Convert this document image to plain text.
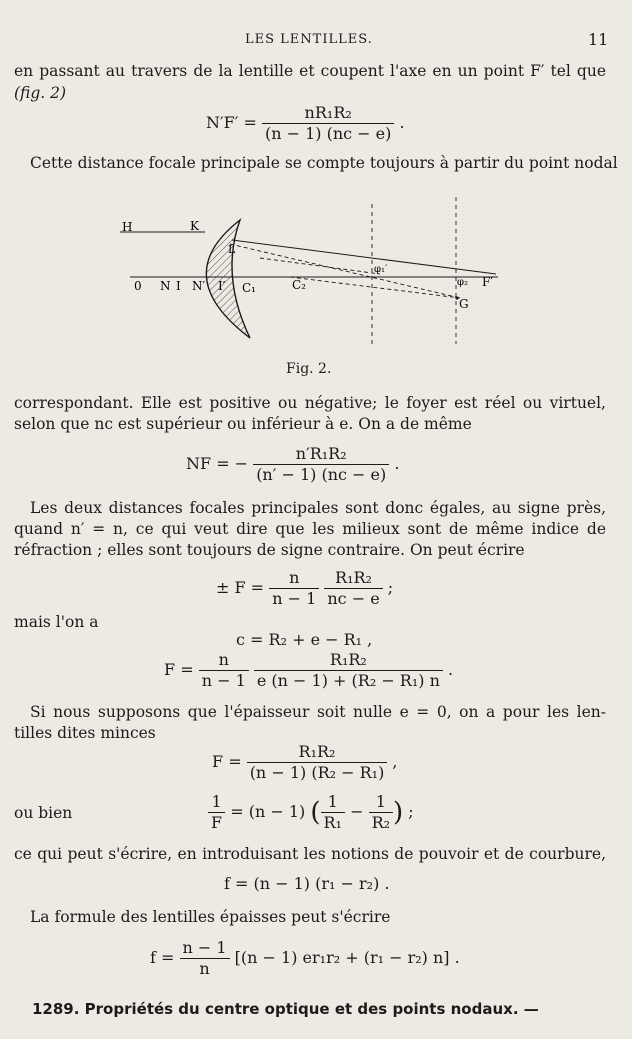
LES LENTILLES.	11
en passant au travers de la lentille et coupent l'axe en un point F′ tel que
(fig. 2)
$N'F' = \frac{\text{nR₁R₂}}{(n - 1) (nc - e)}$ .
Cette distance focale principale se compte toujours à partir du point nodal
H	K
L
0 N I N′ I′ C₁	C₂
φ₁′
φ₂ F′
G
Fig. 2.
correspondant. Elle est positive ou négative; le foyer est réel ou virtuel,
selon que nc est supérieur ou inférieur à e. On a de même
NF = − $\frac{\text{n′R₁R₂}}{(n' - 1) (nc - e)}$ .
Les deux distances focales principales sont donc égales, au signe près,
quand n′ = n, ce qui veut dire que les milieux sont de même indice de
réfraction ; elles sont toujours de signe contraire. On peut écrire
± $F = \frac{n}{n - 1}$
$\frac{\text{R₁R₂}}{nc - e}$ ;
mais l'on a
c = R₂ + e − R₁ ,
$F = \frac{n}{n - 1}$
$\frac{\text{R₁R₂}}{\text{e (n − 1) + (R₂ − R₁) n}}$ .
Si nous supposons que l'épaisseur soit nulle e = 0, on a pour les len-
tilles dites minces
$F = \frac{\text{R₁R₂}}{\text{(n − 1) (R₂ − R₁)}}$ ,
ou bien	$\frac{1}{F} = (n - 1)$ ( $\frac{1}{\text{R₁}} - \frac{1}{\text{R₂}}$ ) ;
ce qui peut s'écrire, en introduisant les notions de pouvoir et de courbure,
f = (n − 1) (r₁ − r₂) .
La formule des lentilles épaisses peut s'écrire
$f = \frac{n - 1}{n} [(n - 1) er_1r_2 + (r_1 - r_2)$ n] .
1289. Propriétés du centre optique et des points nodaux. —
